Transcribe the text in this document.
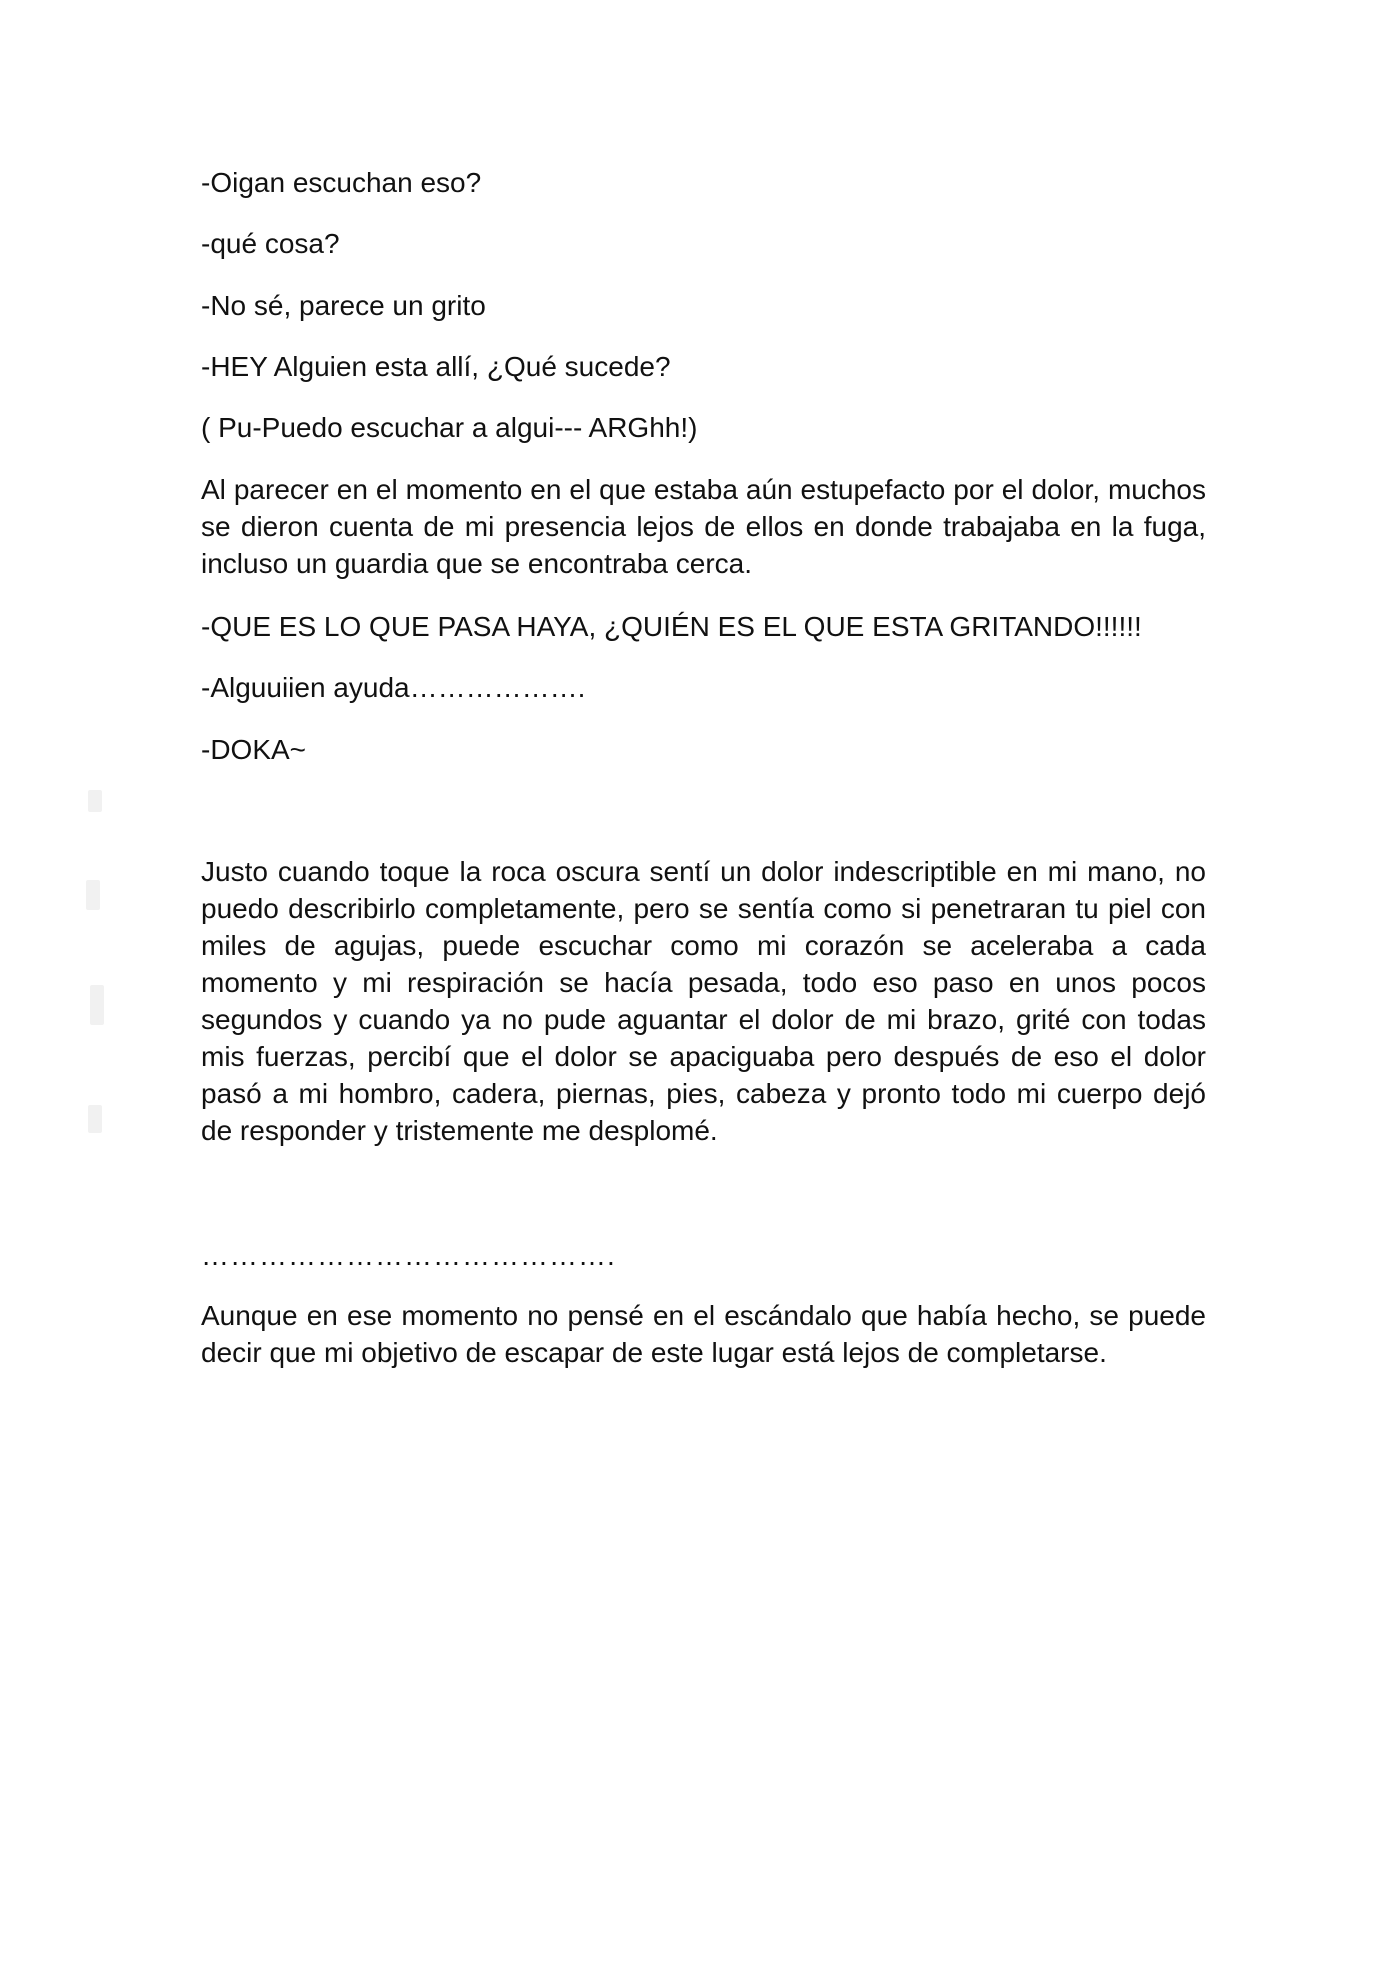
-Oigan escuchan eso?

-qué cosa?

-No sé, parece un grito

-HEY Alguien esta allí, ¿Qué sucede?

( Pu-Puedo escuchar a algui--- ARGhh!)

Al parecer en el momento en el que estaba aún estupefacto por el dolor, muchos se dieron cuenta de mi presencia lejos de ellos en donde trabajaba en la fuga, incluso un guardia que se encontraba cerca.

-QUE ES LO QUE PASA HAYA, ¿QUIÉN ES EL QUE ESTA GRITANDO!!!!!!

-Alguuiien ayuda……………….

-DOKA~

Justo cuando toque la roca oscura sentí un dolor indescriptible en mi mano, no puedo describirlo completamente, pero se sentía como si penetraran tu piel con miles de agujas, puede escuchar como mi corazón se aceleraba a cada momento y mi respiración se hacía pesada, todo eso paso en unos pocos segundos y cuando ya no pude aguantar el dolor de mi brazo, grité con todas mis fuerzas, percibí que el dolor se apaciguaba pero después de eso el dolor pasó a mi hombro, cadera, piernas, pies, cabeza y pronto todo mi cuerpo dejó de responder y tristemente me desplomé.

…………………………………….

Aunque en ese momento no pensé en el escándalo que había hecho, se puede decir que mi objetivo de escapar de este lugar está lejos de completarse.
